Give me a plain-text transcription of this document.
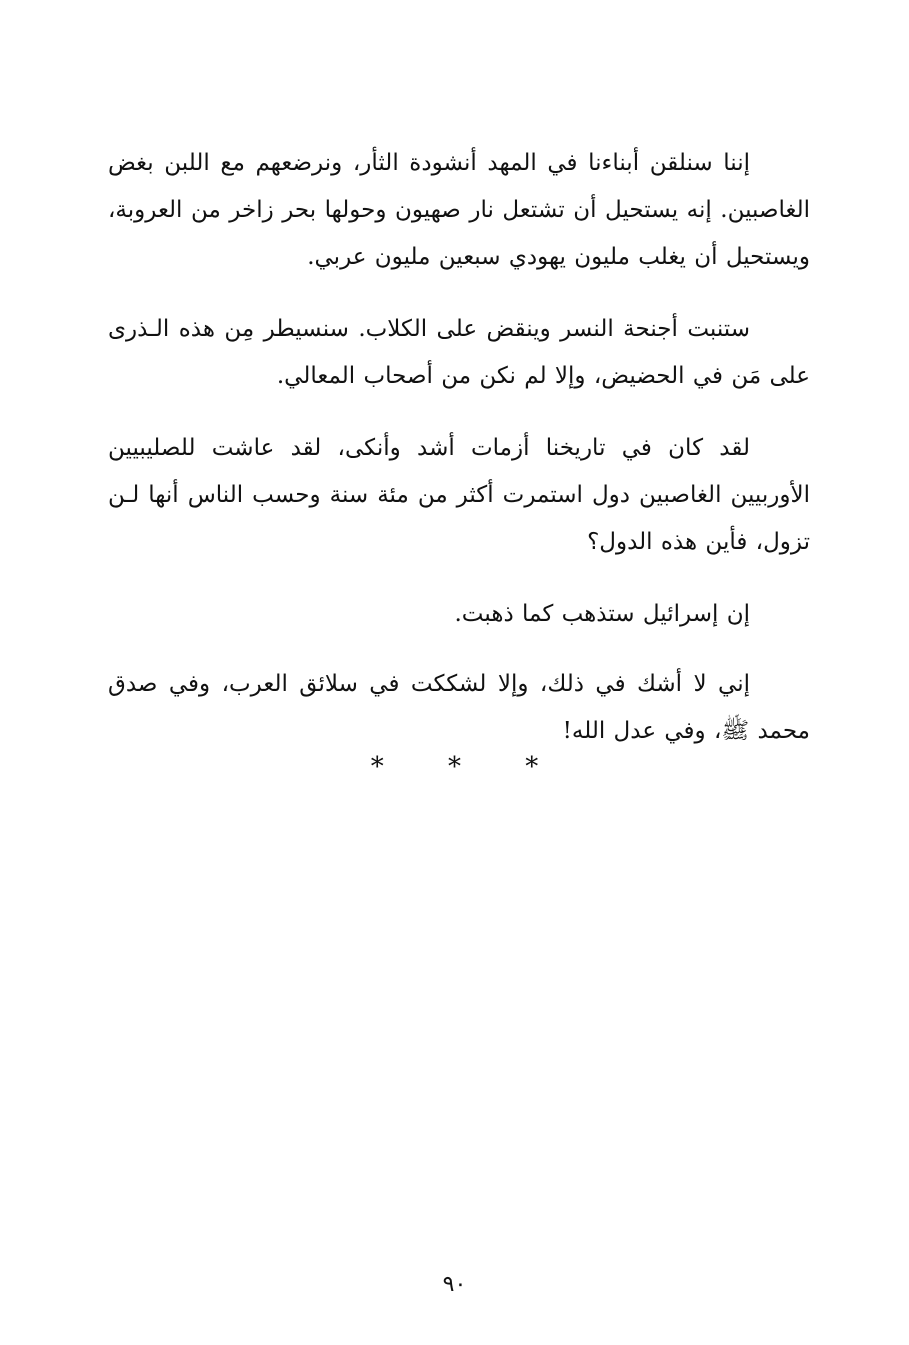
إننا سنلقن أبناءنا في المهد أنشودة الثأر، ونرضعهم مع اللبن بغض الغاصبين. إنه يستحيل أن تشتعل نار صهيون وحولها بحر زاخر من العروبة، ويستحيل أن يغلب مليون يهودي سبعين مليون عربي.

ستنبت أجنحة النسر وينقض على الكلاب. سنسيطر مِن هذه الـذرى على مَن في الحضيض، وإلا لم نكن من أصحاب المعالي.

لقد كان في تاريخنا أزمات أشد وأنكى، لقد عاشت للصليبيين الأوربيين الغاصبين دول استمرت أكثر من مئة سنة وحسب الناس أنها لـن تزول، فأين هذه الدول؟

إن إسرائيل ستذهب كما ذهبت.

إني لا أشك في ذلك، وإلا لشككت في سلائق العرب، وفي صدق محمد ﷺ، وفي عدل الله!

* * *
٩٠
